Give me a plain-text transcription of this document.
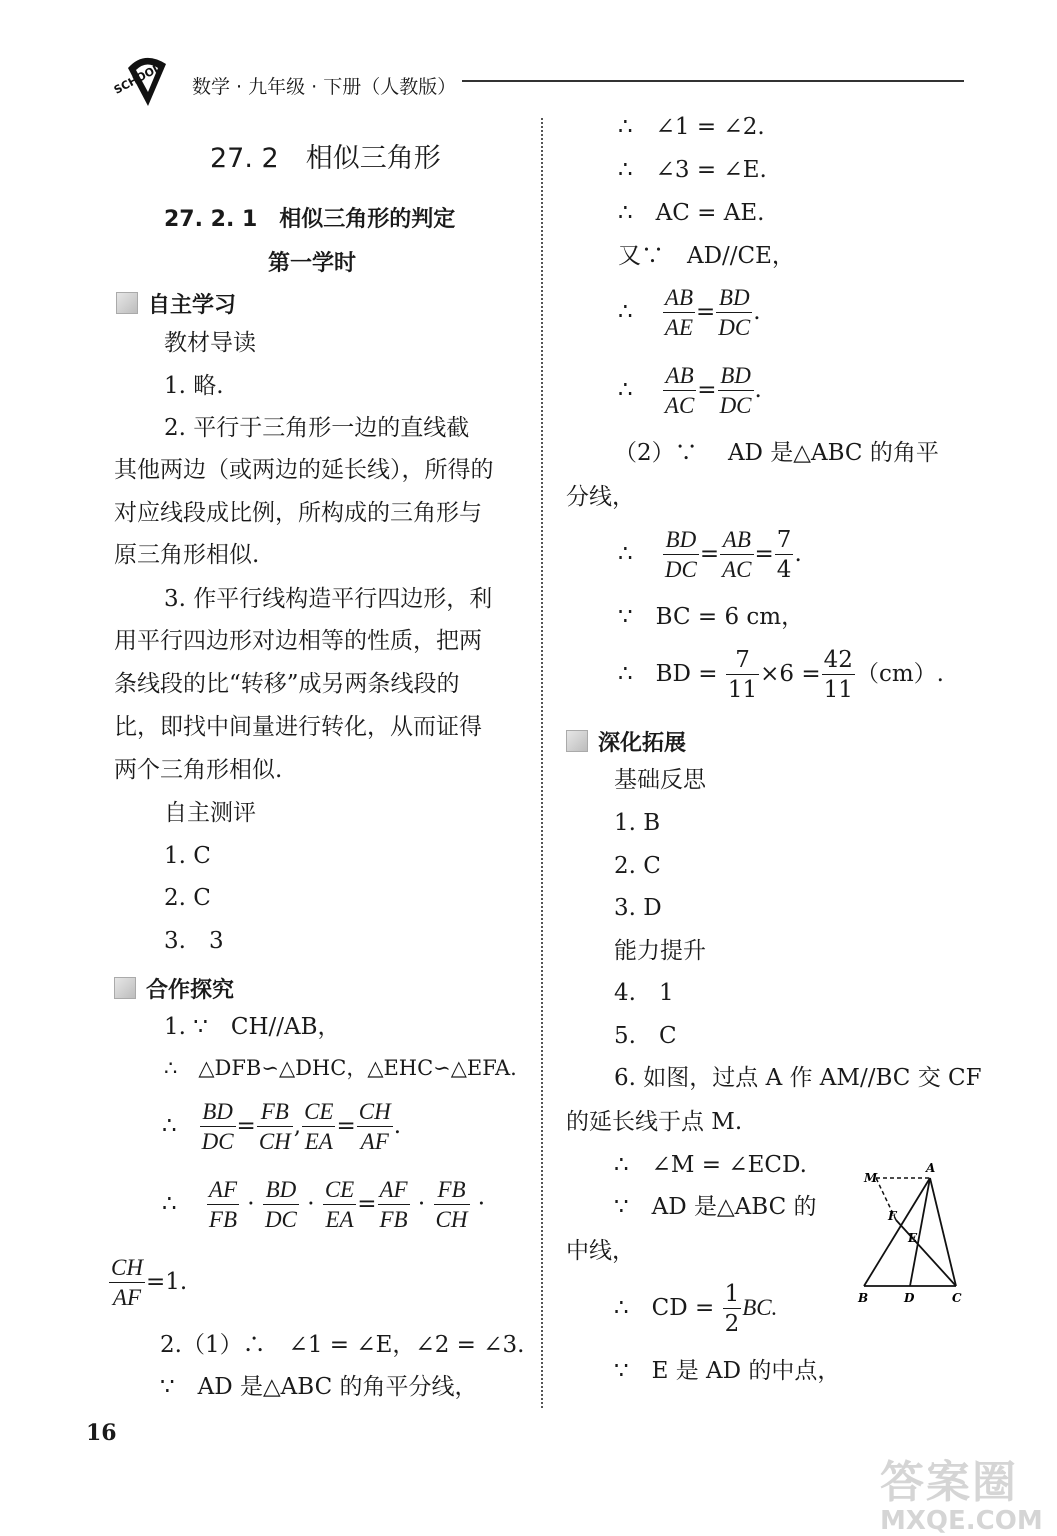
SCHOOL 数学 · 九年级 · 下册（人教版）
27. 2　相似三角形
27. 2. 1　相似三角形的判定
第一学时
自主学习
教材导读
1. 略.
2. 平行于三角形一边的直线截
其他两边（或两边的延长线），所得的
对应线段成比例，所构成的三角形与
原三角形相似.
3. 作平行线构造平行四边形，利
用平行四边形对边相等的性质，把两
条线段的比“转移”成另两条线段的
比，即找中间量进行转化，从而证得
两个三角形相似.
自主测评
1. C
2. C
3.　3
合作探究
1. ∵　CH//AB，
∴　△DFB∽△DHC，△EHC∽△EFA.
∴ $\frac{BD}{DC} = \frac{FB}{CH}$ , $\frac{CE}{EA} = \frac{CH}{AF}$ .
∴ $\frac{AF}{FB} \cdot \frac{BD}{DC} \cdot \frac{CE}{EA} = \frac{AF}{FB} \cdot \frac{FB}{CH}$ ·
$\frac{CH}{AF} =1$.
2.（1）∴　∠1 = ∠E，∠2 = ∠3.
∵　AD 是△ABC 的角平分线，
16
∴　∠1 = ∠2.
∴　∠3 = ∠E.
∴　AC = AE.
又∵　AD//CE，
∴ $\frac{AB}{AE} = \frac{BD}{DC}$ .
∴ $\frac{AB}{AC} = \frac{BD}{DC}$ .
（2）∵　 AD 是△ABC 的角平
分线，
∴ $\frac{BD}{DC} = \frac{AB}{AC} = \frac{7}{4}$ .
∵　BC = 6 cm，
∴　BD = $\frac{7}{11} \times 6 = \frac{42}{11} (cm)$.
深化拓展
基础反思
1. B
2. C
3. D
能力提升
4.　1
5.　C
6. 如图，过点 A 作 AM//BC 交 CF
的延长线于点 M.
∴　∠M = ∠ECD.
∵　AD 是△ABC 的
中线，
∴　CD = $\frac{1}{2}$ BC.
∵　E 是 AD 的中点，
M
A
F
E
B	D	C
答案圈
MXQE.COM
